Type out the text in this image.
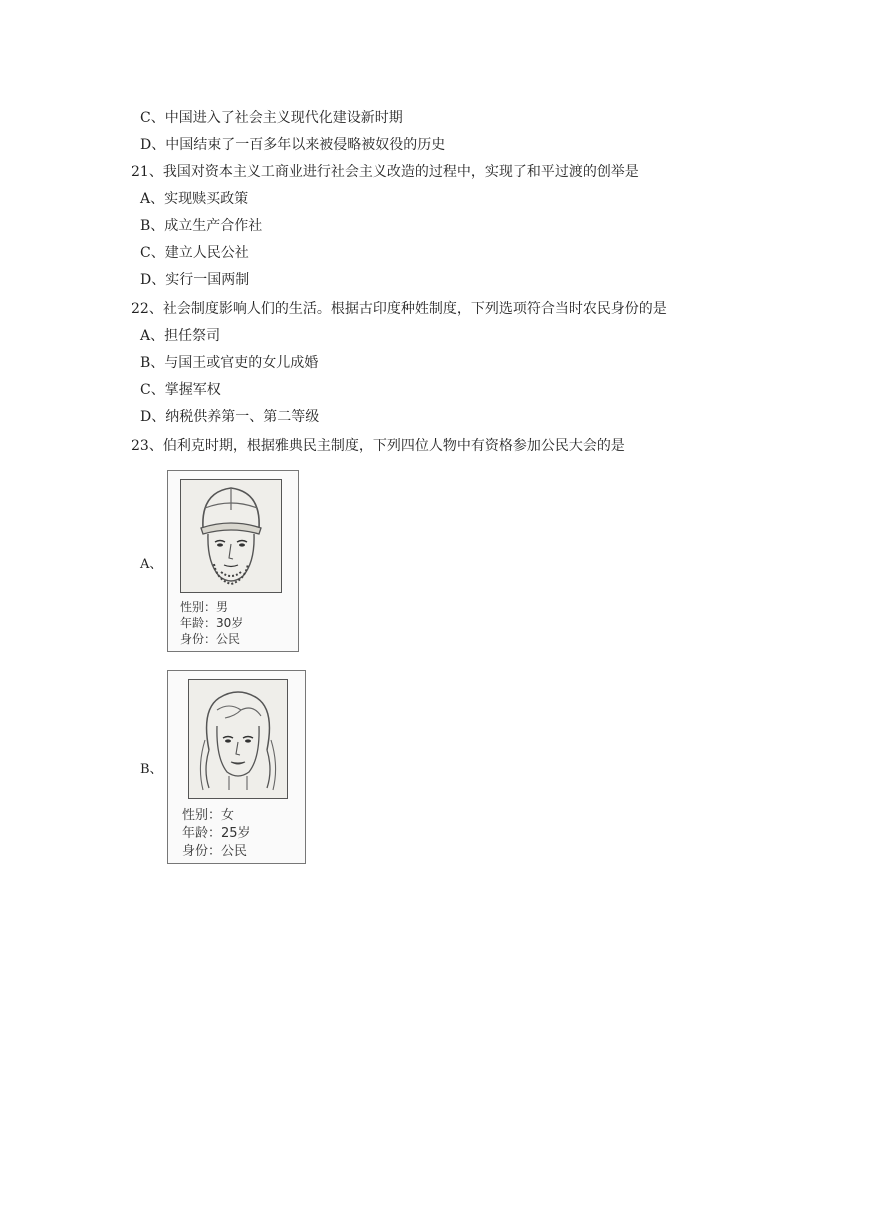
C、中国进入了社会主义现代化建设新时期
D、中国结束了一百多年以来被侵略被奴役的历史
21、我国对资本主义工商业进行社会主义改造的过程中，实现了和平过渡的创举是
A、实现赎买政策
B、成立生产合作社
C、建立人民公社
D、实行一国两制
22、社会制度影响人们的生活。根据古印度种姓制度，下列选项符合当时农民身份的是
A、担任祭司
B、与国王或官吏的女儿成婚
C、掌握军权
D、纳税供养第一、第二等级
23、伯利克时期，根据雅典民主制度，下列四位人物中有资格参加公民大会的是
A、
性别：男
年龄：30岁
身份：公民
B、
性别：女
年龄：25岁
身份：公民
